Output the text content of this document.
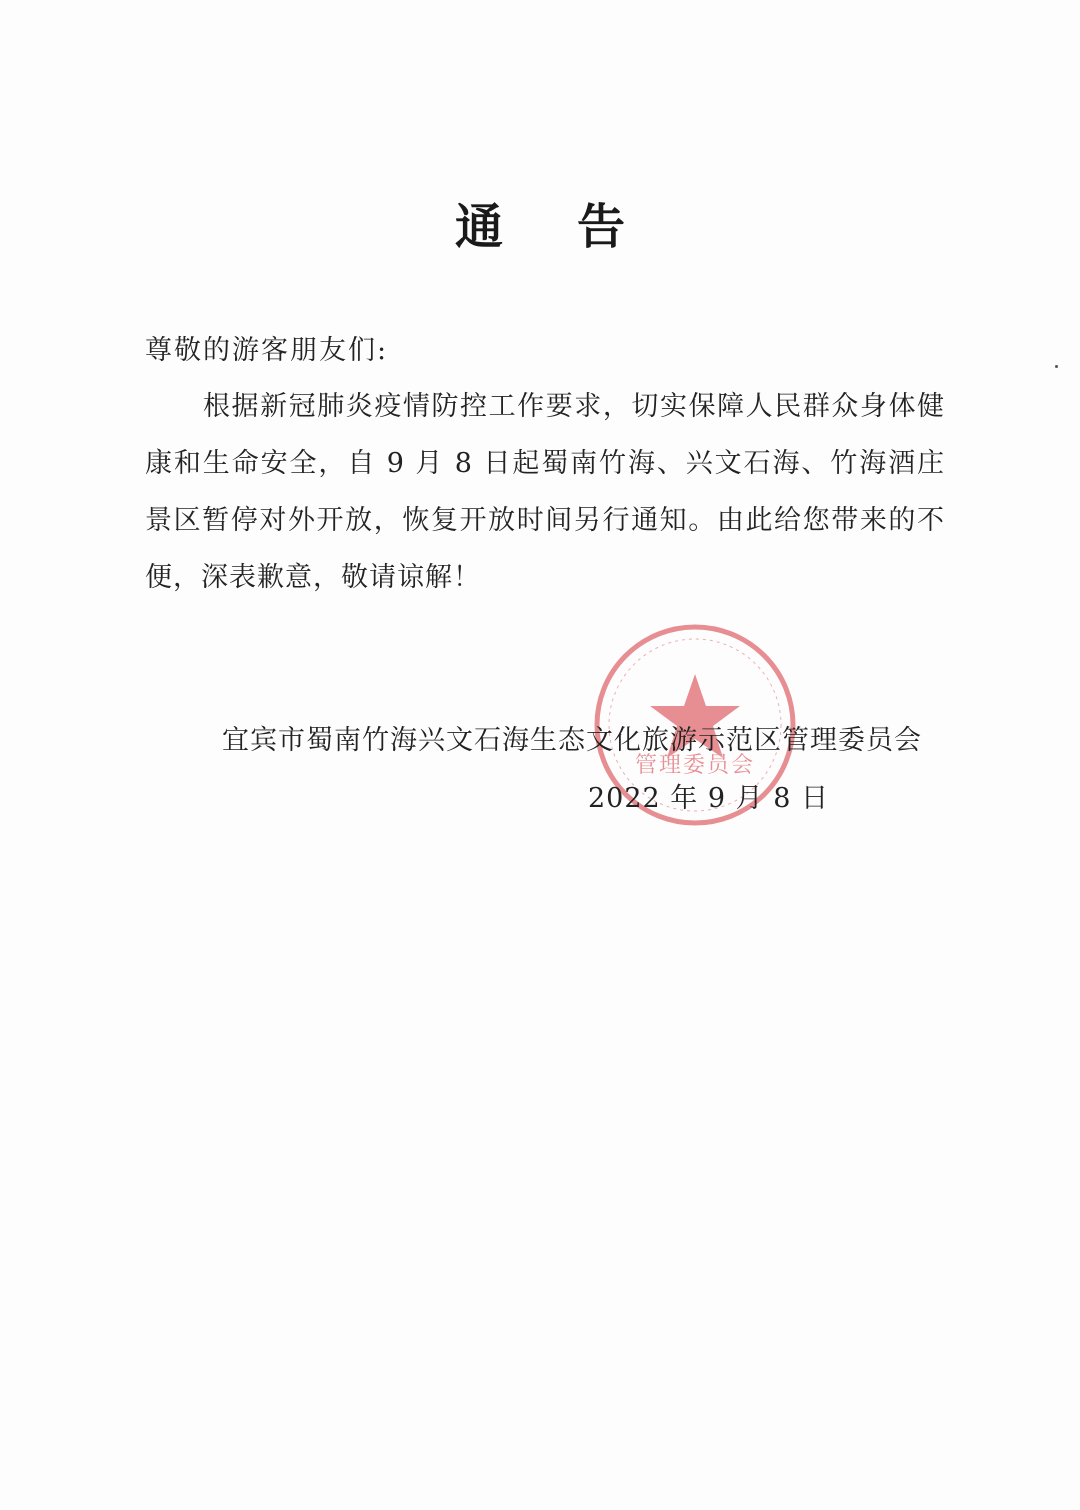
通告
尊敬的游客朋友们:
根据新冠肺炎疫情防控工作要求，切实保障人民群众身体健康和生命安全，自 9 月 8 日起蜀南竹海、兴文石海、竹海酒庄景区暂停对外开放，恢复开放时间另行通知。由此给您带来的不便，深表歉意，敬请谅解！
管理委员会
宜宾市蜀南竹海兴文石海生态文化旅游示范区管理委员会
2022 年 9 月 8 日
